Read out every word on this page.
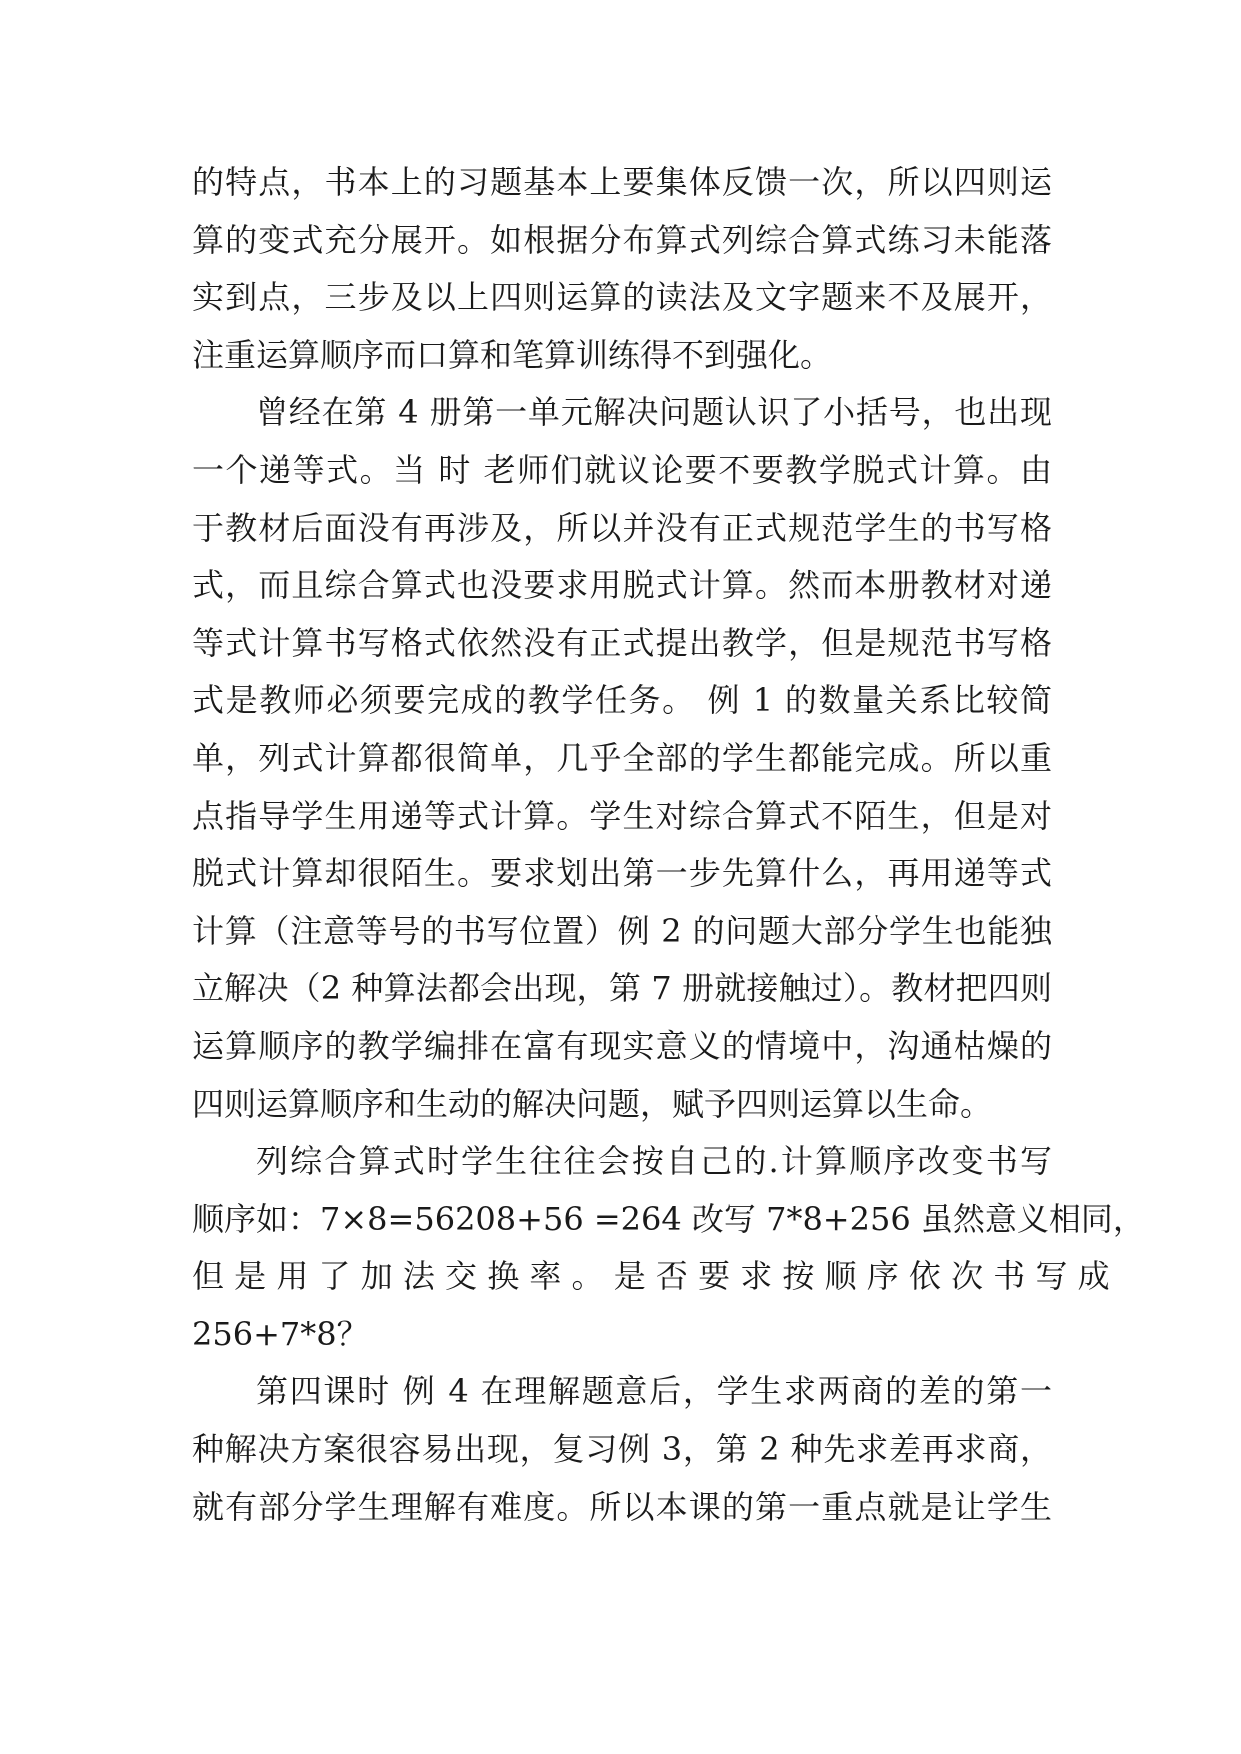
的特点，书本上的习题基本上要集体反馈一次，所以四则运
算的变式充分展开。如根据分布算式列综合算式练习未能落
实到点，三步及以上四则运算的读法及文字题来不及展开，
注重运算顺序而口算和笔算训练得不到强化。
曾经在第 4 册第一单元解决问题认识了小括号，也出现
一个递等式。当 时 老师们就议论要不要教学脱式计算。由
于教材后面没有再涉及，所以并没有正式规范学生的书写格
式，而且综合算式也没要求用脱式计算。然而本册教材对递
等式计算书写格式依然没有正式提出教学，但是规范书写格
式是教师必须要完成的教学任务。 例 1 的数量关系比较简
单，列式计算都很简单，几乎全部的学生都能完成。所以重
点指导学生用递等式计算。学生对综合算式不陌生，但是对
脱式计算却很陌生。要求划出第一步先算什么，再用递等式
计算（注意等号的书写位置）例 2 的问题大部分学生也能独
立解决（2 种算法都会出现，第 7 册就接触过）。教材把四则
运算顺序的教学编排在富有现实意义的情境中，沟通枯燥的
四则运算顺序和生动的解决问题，赋予四则运算以生命。
列综合算式时学生往往会按自己的.计算顺序改变书写
顺序如：7×8=56208+56 =264 改写 7*8+256 虽然意义相同，
但 是 用 了 加 法 交 换 率 。 是 否 要 求 按 顺 序 依 次 书 写 成
256+7*8？
第四课时 例 4 在理解题意后，学生求两商的差的第一
种解决方案很容易出现，复习例 3，第 2 种先求差再求商，
就有部分学生理解有难度。所以本课的第一重点就是让学生
